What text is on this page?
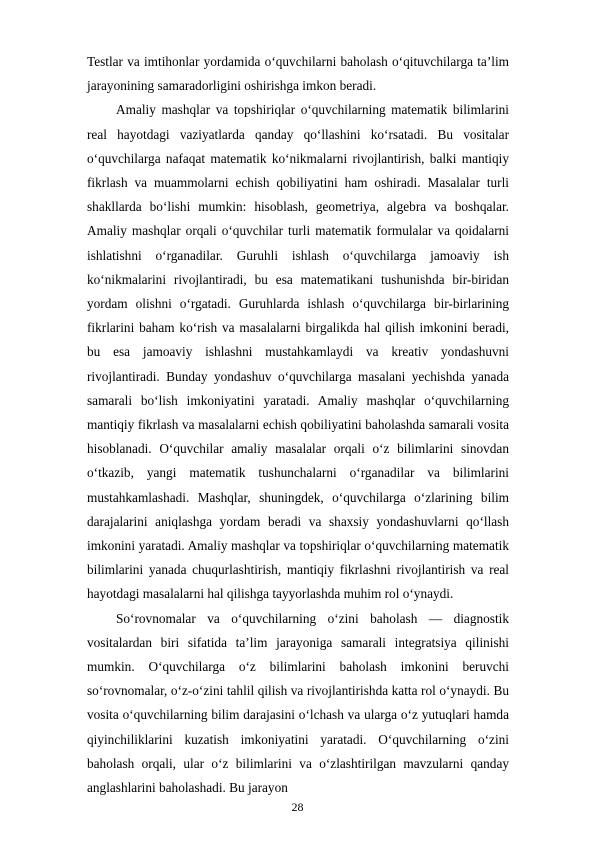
Testlar va imtihonlar yordamida o‘quvchilarni baholash o‘qituvchilarga ta’lim jarayonining samaradorligini oshirishga imkon beradi.

Amaliy mashqlar va topshiriqlar o‘quvchilarning matematik bilimlarini real hayotdagi vaziyatlarda qanday qo‘llashini ko‘rsatadi. Bu vositalar o‘quvchilarga nafaqat matematik ko‘nikmalarni rivojlantirish, balki mantiqiy fikrlash va muammolarni echish qobiliyatini ham oshiradi. Masalalar turli shakllarda bo‘lishi mumkin: hisoblash, geometriya, algebra va boshqalar. Amaliy mashqlar orqali o‘quvchilar turli matematik formulalar va qoidalarni ishlatishni o‘rganadilar. Guruhli ishlash o‘quvchilarga jamoaviy ish ko‘nikmalarini rivojlantiradi, bu esa matematikani tushunishda bir-biridan yordam olishni o‘rgatadi. Guruhlarda ishlash o‘quvchilarga bir-birlarining fikrlarini baham ko‘rish va masalalarni birgalikda hal qilish imkonini beradi, bu esa jamoaviy ishlashni mustahkamlaydi va kreativ yondashuvni rivojlantiradi. Bunday yondashuv o‘quvchilarga masalani yechishda yanada samarali bo‘lish imkoniyatini yaratadi. Amaliy mashqlar o‘quvchilarning mantiqiy fikrlash va masalalarni echish qobiliyatini baholashda samarali vosita hisoblanadi. O‘quvchilar amaliy masalalar orqali o‘z bilimlarini sinovdan o‘tkazib, yangi matematik tushunchalarni o‘rganadilar va bilimlarini mustahkamlashadi. Mashqlar, shuningdek, o‘quvchilarga o‘zlarining bilim darajalarini aniqlashga yordam beradi va shaxsiy yondashuvlarni qo‘llash imkonini yaratadi. Amaliy mashqlar va topshiriqlar o‘quvchilarning matematik bilimlarini yanada chuqurlashtirish, mantiqiy fikrlashni rivojlantirish va real hayotdagi masalalarni hal qilishga tayyorlashda muhim rol o‘ynaydi.

So‘rovnomalar va o‘quvchilarning o‘zini baholash — diagnostik vositalardan biri sifatida ta’lim jarayoniga samarali integratsiya qilinishi mumkin. O‘quvchilarga o‘z bilimlarini baholash imkonini beruvchi so‘rovnomalar, o‘z-o‘zini tahlil qilish va rivojlantirishda katta rol o‘ynaydi. Bu vosita o‘quvchilarning bilim darajasini o‘lchash va ularga o‘z yutuqlari hamda qiyinchiliklarini kuzatish imkoniyatini yaratadi. O‘quvchilarning o‘zini baholash orqali, ular o‘z bilimlarini va o‘zlashtirilgan mavzularni qanday anglashlarini baholashadi. Bu jarayon

28
